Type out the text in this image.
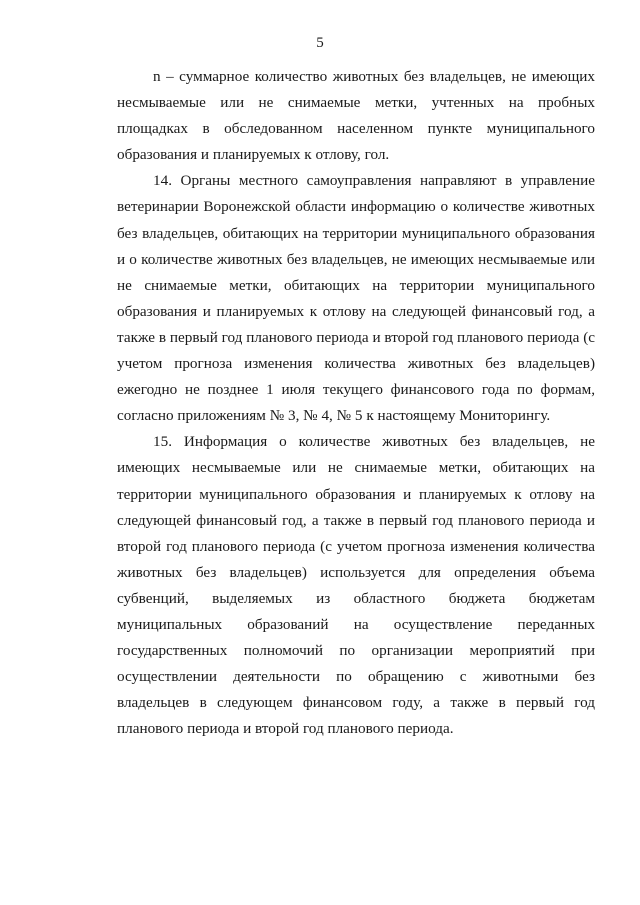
5

n – суммарное количество животных без владельцев, не имеющих несмываемые или не снимаемые метки, учтенных на пробных площадках в обследованном населенном пункте муниципального образования и планируемых к отлову, гол.

14. Органы местного самоуправления направляют в управление ветеринарии Воронежской области информацию о количестве животных без владельцев, обитающих на территории муниципального образования и о количестве животных без владельцев, не имеющих несмываемые или не снимаемые метки, обитающих на территории муниципального образования и планируемых к отлову на следующей финансовый год, а также в первый год планового периода и второй год планового периода (с учетом прогноза изменения количества животных без владельцев) ежегодно не позднее 1 июля текущего финансового года по формам, согласно приложениям № 3, № 4, № 5 к настоящему Мониторингу.

15. Информация о количестве животных без владельцев, не имеющих несмываемые или не снимаемые метки, обитающих на территории муниципального образования и планируемых к отлову на следующей финансовый год, а также в первый год планового периода и второй год планового периода (с учетом прогноза изменения количества животных без владельцев) используется для определения объема субвенций, выделяемых из областного бюджета бюджетам муниципальных образований на осуществление переданных государственных полномочий по организации мероприятий при осуществлении деятельности по обращению с животными без владельцев в следующем финансовом году, а также в первый год планового периода и второй год планового периода.
